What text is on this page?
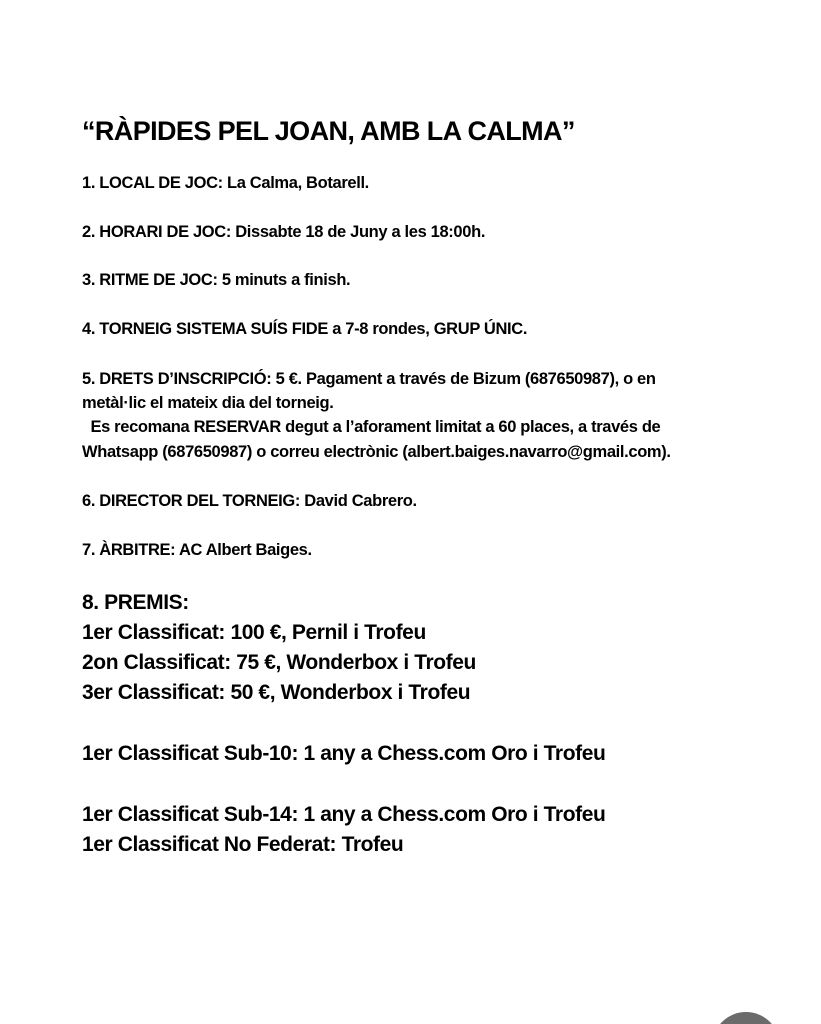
“RÀPIDES PEL JOAN, AMB LA CALMA”
1. LOCAL DE JOC: La Calma, Botarell.
2. HORARI DE JOC: Dissabte 18 de Juny a les 18:00h.
3. RITME DE JOC: 5 minuts a finish.
4. TORNEIG SISTEMA SUÍS FIDE a 7-8 rondes, GRUP ÚNIC.
5. DRETS D’INSCRIPCIÓ: 5 €. Pagament a través de Bizum (687650987), o en
metàl·lic el mateix dia del torneig.
Es recomana RESERVAR degut a l’aforament limitat a 60 places, a través de
Whatsapp (687650987) o correu electrònic (albert.baiges.navarro@gmail.com).
6. DIRECTOR DEL TORNEIG: David Cabrero.
7. ÀRBITRE: AC Albert Baiges.
8. PREMIS:
1er Classificat: 100 €, Pernil i Trofeu
2on Classificat: 75 €, Wonderbox i Trofeu
3er Classificat: 50 €, Wonderbox i Trofeu
1er Classificat Sub-10: 1 any a Chess.com Oro i Trofeu
1er Classificat Sub-14: 1 any a Chess.com Oro i Trofeu
1er Classificat No Federat: Trofeu
